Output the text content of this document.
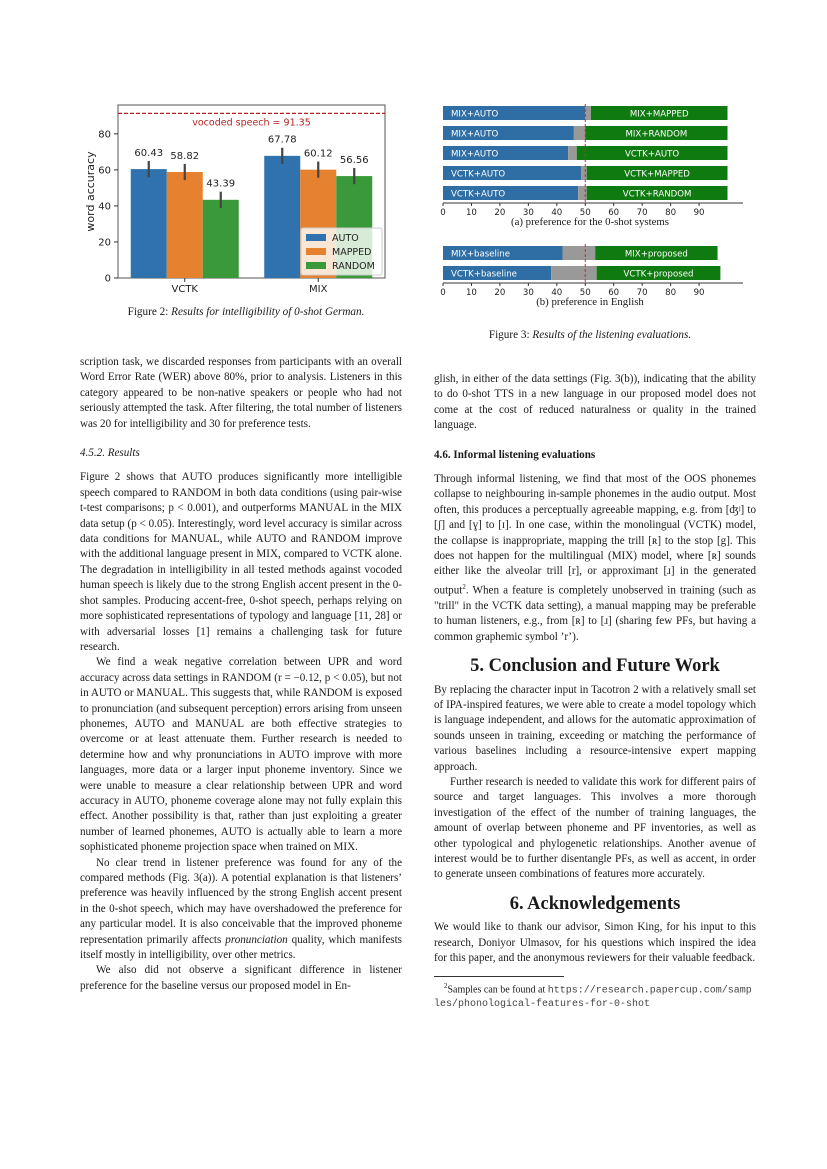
0
20
40
60
80
word accuracy	60.43 58.82
43.39
VCTK
67.78
60.12
56.56
MIX
vocoded speech = 91.35
AUTO
MAPPED
RANDOM
Figure 2: Results for intelligibility of 0-shot German.
MIX+AUTO	MIX+MAPPED
MIX+AUTO	MIX+RANDOM
MIX+AUTO	VCTK+AUTO
VCTK+AUTO	VCTK+MAPPED
VCTK+AUTO	VCTK+RANDOM
0 10 20 30 40 50 60 70 80 90
(a) preference for the 0-shot systems
MIX+baseline	MIX+proposed
VCTK+baseline	VCTK+proposed
0 10 20 30 40 50 60 70 80 90
(b) preference in English
Figure 3: Results of the listening evaluations.

scription task, we discarded responses from participants with an overall Word Error Rate (WER) above 80%, prior to analysis. Listeners in this category appeared to be non-native speakers or people who had not seriously attempted the task. After filtering, the total number of listeners was 20 for intelligibility and 30 for preference tests.

4.5.2. Results

Figure 2 shows that AUTO produces significantly more intelligible speech compared to RANDOM in both data conditions (using pair-wise t-test comparisons; p < 0.001), and outperforms MANUAL in the MIX data setup (p < 0.05). Interestingly, word level accuracy is similar across data conditions for MANUAL, while AUTO and RANDOM improve with the additional language present in MIX, compared to VCTK alone. The degradation in intelligibility in all tested methods against vocoded human speech is likely due to the strong English accent present in the 0-shot samples. Producing accent-free, 0-shot speech, perhaps relying on more sophisticated representations of typology and language [11, 28] or with adversarial losses [1] remains a challenging task for future research.

We find a weak negative correlation between UPR and word accuracy across data settings in RANDOM (r = −0.12, p < 0.05), but not in AUTO or MANUAL. This suggests that, while RANDOM is exposed to pronunciation (and subsequent perception) errors arising from unseen phonemes, AUTO and MANUAL are both effective strategies to overcome or at least attenuate them. Further research is needed to determine how and why pronunciations in AUTO improve with more languages, more data or a larger input phoneme inventory. Since we were unable to measure a clear relationship between UPR and word accuracy in AUTO, phoneme coverage alone may not fully explain this effect. Another possibility is that, rather than just exploiting a greater number of learned phonemes, AUTO is actually able to learn a more sophisticated phoneme projection space when trained on MIX.

No clear trend in listener preference was found for any of the compared methods (Fig. 3(a)). A potential explanation is that listeners’ preference was heavily influenced by the strong English accent present in the 0-shot speech, which may have overshadowed the preference for any particular model. It is also conceivable that the improved phoneme representation primarily affects pronunciation quality, which manifests itself mostly in intelligibility, over other metrics.

We also did not observe a significant difference in listener preference for the baseline versus our proposed model in En-

glish, in either of the data settings (Fig. 3(b)), indicating that the ability to do 0-shot TTS in a new language in our proposed model does not come at the cost of reduced naturalness or quality in the trained language.

4.6. Informal listening evaluations

Through informal listening, we find that most of the OOS phonemes collapse to neighbouring in-sample phonemes in the audio output. Most often, this produces a perceptually agreeable mapping, e.g. from [ʤʲ] to [ʃ] and [ɣ] to [ɪ]. In one case, within the monolingual (VCTK) model, the collapse is inappropriate, mapping the trill [ʀ] to the stop [g]. This does not happen for the multilingual (MIX) model, where [ʀ] sounds either like the alveolar trill [r], or approximant [ɹ] in the generated output$^2$. When a feature is completely unobserved in training (such as "trill" in the VCTK data setting), a manual mapping may be preferable to human listeners, e.g., from [ʀ] to [ɹ] (sharing few PFs, but having a common graphemic symbol ’r’).

5. Conclusion and Future Work

By replacing the character input in Tacotron 2 with a relatively small set of IPA-inspired features, we were able to create a model topology which is language independent, and allows for the automatic approximation of sounds unseen in training, exceeding or matching the performance of various baselines including a resource-intensive expert mapping approach.

Further research is needed to validate this work for different pairs of source and target languages. This involves a more thorough investigation of the effect of the number of training languages, the amount of overlap between phoneme and PF inventories, as well as other typological and phylogenetic relationships. Another avenue of interest would be to further disentangle PFs, as well as accent, in order to generate unseen combinations of features more accurately.

6. Acknowledgements

We would like to thank our advisor, Simon King, for his input to this research, Doniyor Ulmasov, for his questions which inspired the idea for this paper, and the anonymous reviewers for their valuable feedback.

$^2$Samples can be found at https://research.papercup.com/samples/phonological-features-for-0-shot
